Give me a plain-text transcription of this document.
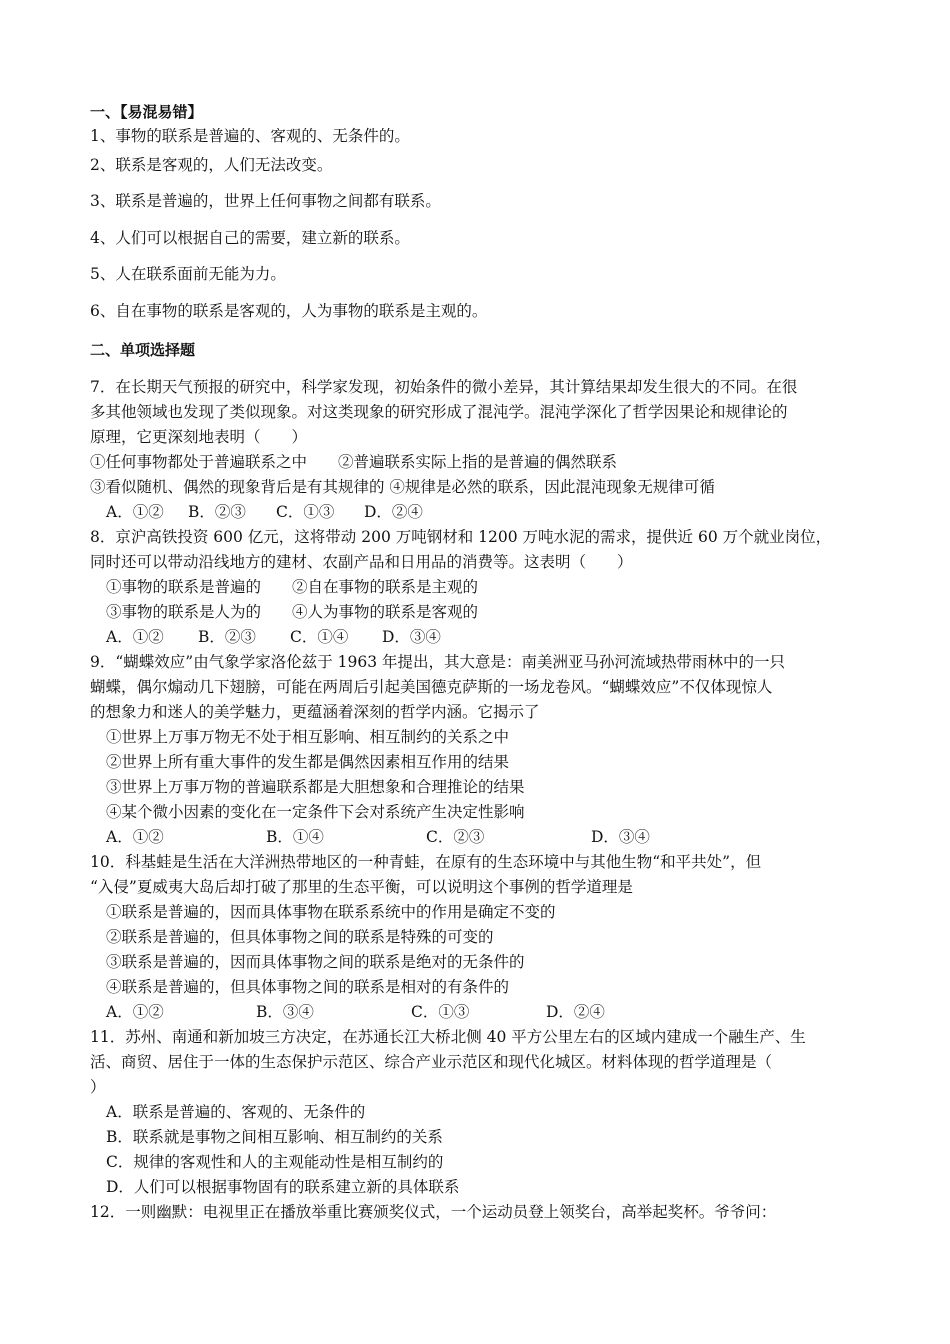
一、【易混易错】
1、事物的联系是普遍的、客观的、无条件的。
2、联系是客观的，人们无法改变。
3、联系是普遍的，世界上任何事物之间都有联系。
4、人们可以根据自己的需要，建立新的联系。
5、人在联系面前无能为力。
6、自在事物的联系是客观的，人为事物的联系是主观的。
二、单项选择题
7．在长期天气预报的研究中，科学家发现，初始条件的微小差异，其计算结果却发生很大的不同。在很
多其他领域也发现了类似现象。对这类现象的研究形成了混沌学。混沌学深化了哲学因果论和规律论的
原理，它更深刻地表明（　　）
①任何事物都处于普遍联系之中　　②普遍联系实际上指的是普遍的偶然联系
③看似随机、偶然的现象背后是有其规律的 ④规律是必然的联系，因此混沌现象无规律可循
A．①②	B．②③	C．①③	D．②④
8．京沪高铁投资 600 亿元，这将带动 200 万吨钢材和 1200 万吨水泥的需求，提供近 60 万个就业岗位，
同时还可以带动沿线地方的建材、农副产品和日用品的消费等。这表明（　　）
①事物的联系是普遍的　　②自在事物的联系是主观的
③事物的联系是人为的　　④人为事物的联系是客观的
A．①②	B．②③	C．①④	D．③④
9．“蝴蝶效应”由气象学家洛伦兹于 1963 年提出，其大意是：南美洲亚马孙河流域热带雨林中的一只
蝴蝶，偶尔煽动几下翅膀，可能在两周后引起美国德克萨斯的一场龙卷风。“蝴蝶效应”不仅体现惊人
的想象力和迷人的美学魅力，更蕴涵着深刻的哲学内涵。它揭示了
①世界上万事万物无不处于相互影响、相互制约的关系之中
②世界上所有重大事件的发生都是偶然因素相互作用的结果
③世界上万事万物的普遍联系都是大胆想象和合理推论的结果
④某个微小因素的变化在一定条件下会对系统产生决定性影响
A．①②	B．①④	C．②③	D．③④
10．科基蛙是生活在大洋洲热带地区的一种青蛙，在原有的生态环境中与其他生物“和平共处”，但
“入侵”夏威夷大岛后却打破了那里的生态平衡，可以说明这个事例的哲学道理是
①联系是普遍的，因而具体事物在联系系统中的作用是确定不变的
②联系是普遍的，但具体事物之间的联系是特殊的可变的
③联系是普遍的，因而具体事物之间的联系是绝对的无条件的
④联系是普遍的，但具体事物之间的联系是相对的有条件的
A．①②	B．③④	C．①③	D．②④
11．苏州、南通和新加坡三方决定，在苏通长江大桥北侧 40 平方公里左右的区域内建成一个融生产、生
活、商贸、居住于一体的生态保护示范区、综合产业示范区和现代化城区。材料体现的哲学道理是（
）
A．联系是普遍的、客观的、无条件的
B．联系就是事物之间相互影响、相互制约的关系
C．规律的客观性和人的主观能动性是相互制约的
D．人们可以根据事物固有的联系建立新的具体联系
12．一则幽默：电视里正在播放举重比赛颁奖仪式，一个运动员登上领奖台，高举起奖杯。爷爷问：
